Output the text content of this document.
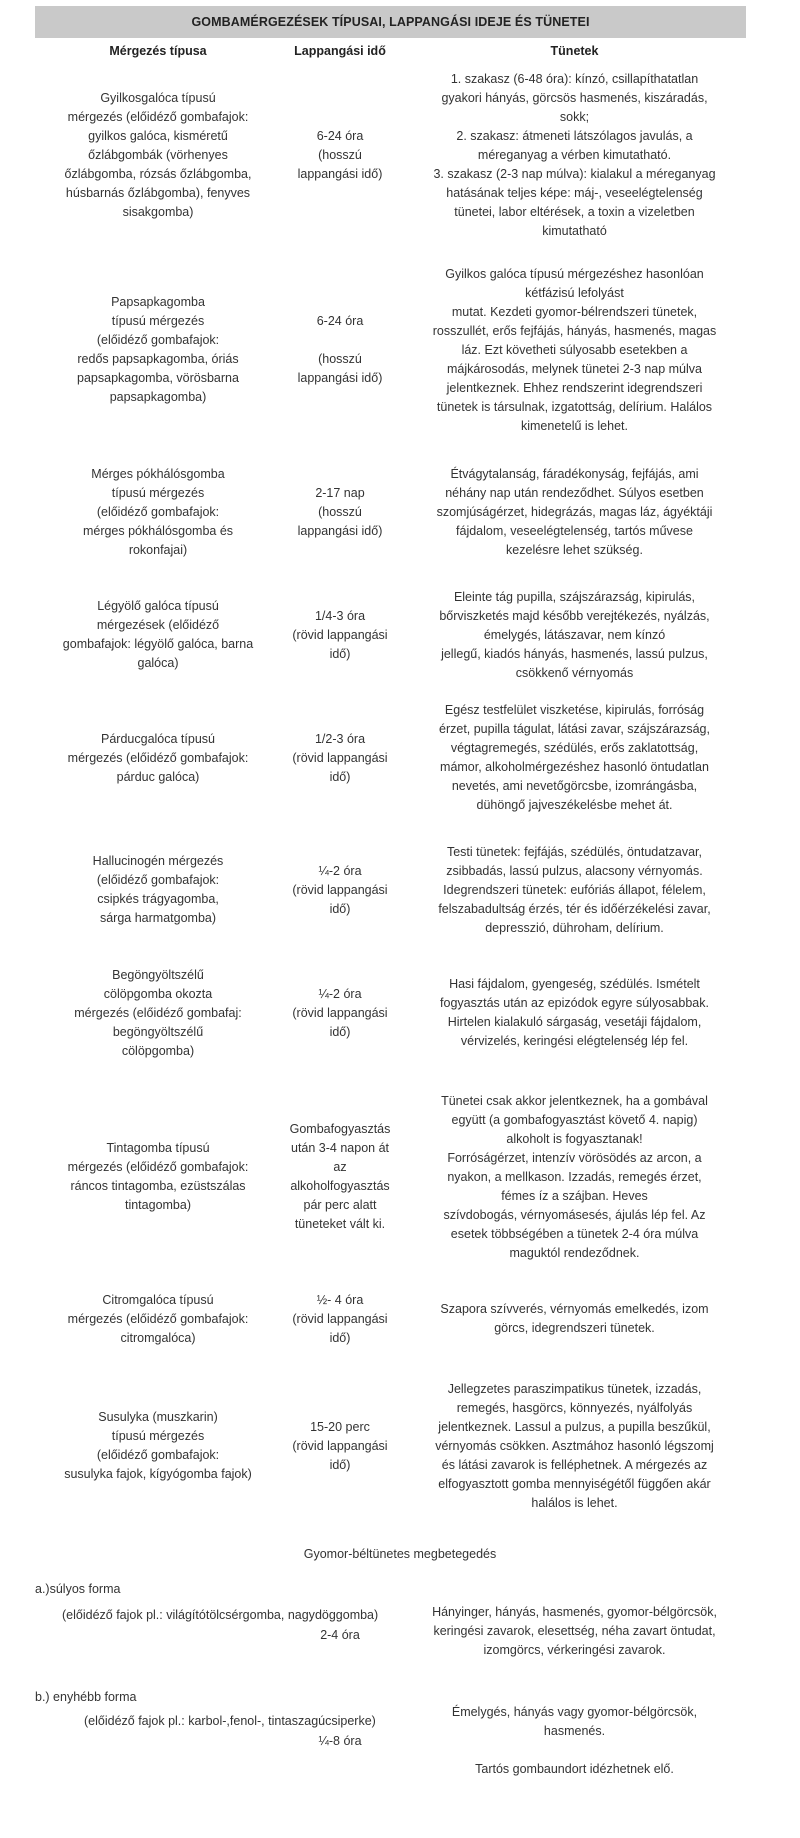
GOMBAMÉRGEZÉSEK TÍPUSAI, LAPPANGÁSI IDEJE ÉS TÜNETEI
Mérgezés típusa	Lappangási idő	Tünetek
Gyilkosgalóca típusú
mérgezés (előidéző gombafajok:
gyilkos galóca, kisméretű
őzlábgombák (vörhenyes
őzlábgomba, rózsás őzlábgomba,
húsbarnás őzlábgomba), fenyves
sisakgomba)
6-24 óra
(hosszú
lappangási idő)
1. szakasz (6-48 óra): kínzó, csillapíthatatlan
gyakori hányás, görcsös hasmenés, kiszáradás,
sokk;
2. szakasz: átmeneti látszólagos javulás, a
méreganyag a vérben kimutatható.
3. szakasz (2-3 nap múlva): kialakul a méreganyag
hatásának teljes képe: máj-, veseelégtelenség
tünetei, labor eltérések, a toxin a vizeletben
kimutatható
Papsapkagomba
típusú mérgezés
(előidéző gombafajok:
redős papsapkagomba, óriás
papsapkagomba, vörösbarna
papsapkagomba)
6-24 óra

(hosszú
lappangási idő)
Gyilkos galóca típusú mérgezéshez hasonlóan
kétfázisú lefolyást
mutat. Kezdeti gyomor-bélrendszeri tünetek,
rosszullét, erős fejfájás, hányás, hasmenés, magas
láz. Ezt követheti súlyosabb esetekben a
májkárosodás, melynek tünetei 2-3 nap múlva
jelentkeznek. Ehhez rendszerint idegrendszeri
tünetek is társulnak, izgatottság, delírium. Halálos
kimenetelű is lehet.
Mérges pókhálósgomba
típusú mérgezés
(előidéző gombafajok:
mérges pókhálósgomba és
rokonfajai)
2-17 nap
(hosszú
lappangási idő)
Étvágytalanság, fáradékonyság, fejfájás, ami
néhány nap után rendeződhet. Súlyos esetben
szomjúságérzet, hidegrázás, magas láz, ágyéktáji
fájdalom, veseelégtelenség, tartós művese
kezelésre lehet szükség.
Légyölő galóca típusú
mérgezések (előidéző
gombafajok: légyölő galóca, barna
galóca)
1/4-3 óra
(rövid lappangási
idő)
Eleinte tág pupilla, szájszárazság, kipirulás,
bőrviszketés majd később verejtékezés, nyálzás,
émelygés, látászavar, nem kínzó
jellegű, kiadós hányás, hasmenés, lassú pulzus,
csökkenő vérnyomás
Párducgalóca típusú
mérgezés (előidéző gombafajok:
párduc galóca)
1/2-3 óra
(rövid lappangási
idő)
Egész testfelület viszketése, kipirulás, forróság
érzet, pupilla tágulat, látási zavar, szájszárazság,
végtagremegés, szédülés, erős zaklatottság,
mámor, alkoholmérgezéshez hasonló öntudatlan
nevetés, ami nevetőgörcsbe, izomrángásba,
dühöngő jajveszékelésbe mehet át.
Hallucinogén mérgezés
(előidéző gombafajok:
csipkés trágyagomba,
sárga harmatgomba)
¼-2 óra
(rövid lappangási
idő)
Testi tünetek: fejfájás, szédülés, öntudatzavar,
zsibbadás, lassú pulzus, alacsony vérnyomás.
Idegrendszeri tünetek: eufóriás állapot, félelem,
felszabadultság érzés, tér és időérzékelési zavar,
depresszió, dühroham, delírium.
Begöngyöltszélű
cölöpgomba okozta
mérgezés (előidéző gombafaj:
begöngyöltszélű
cölöpgomba)
¼-2 óra
(rövid lappangási
idő)
Hasi fájdalom, gyengeség, szédülés. Ismételt
fogyasztás után az epizódok egyre súlyosabbak.
Hirtelen kialakuló sárgaság, vesetáji fájdalom,
vérvizelés, keringési elégtelenség lép fel.
Tintagomba típusú
mérgezés (előidéző gombafajok:
ráncos tintagomba, ezüstszálas
tintagomba)
Gombafogyasztás
után 3-4 napon át
az
alkoholfogyasztás
pár perc alatt
tüneteket vált ki.
Tünetei csak akkor jelentkeznek, ha a gombával
együtt (a gombafogyasztást követő 4. napig)
alkoholt is fogyasztanak!
Forróságérzet, intenzív vörösödés az arcon, a
nyakon, a mellkason. Izzadás, remegés érzet,
fémes íz a szájban. Heves
szívdobogás, vérnyomásesés, ájulás lép fel. Az
esetek többségében a tünetek 2-4 óra múlva
maguktól rendeződnek.
Citromgalóca típusú
mérgezés (előidéző gombafajok:
citromgalóca)
½- 4 óra
(rövid lappangási
idő)
Szapora szívverés, vérnyomás emelkedés, izom
görcs, idegrendszeri tünetek.
Susulyka (muszkarin)
típusú mérgezés
(előidéző gombafajok:
susulyka fajok, kígyógomba fajok)
15-20 perc
(rövid lappangási
idő)
Jellegzetes paraszimpatikus tünetek, izzadás,
remegés, hasgörcs, könnyezés, nyálfolyás
jelentkeznek. Lassul a pulzus, a pupilla beszűkül,
vérnyomás csökken. Asztmához hasonló légszomj
és látási zavarok is felléphetnek. A mérgezés az
elfogyasztott gomba mennyiségétől függően akár
halálos is lehet.
Gyomor-béltünetes megbetegedés
a.)súlyos forma
(előidéző fajok pl.: világítótölcsérgomba, nagydöggomba)
2-4 óra
Hányinger, hányás, hasmenés, gyomor-bélgörcsök,
keringési zavarok, elesettség, néha zavart öntudat,
izomgörcs, vérkeringési zavarok.
b.) enyhébb forma
(előidéző fajok pl.: karbol-,fenol-, tintaszagúcsiperke)
¼-8 óra
Émelygés, hányás vagy gyomor-bélgörcsök,
hasmenés.

Tartós gombaundort idézhetnek elő.
